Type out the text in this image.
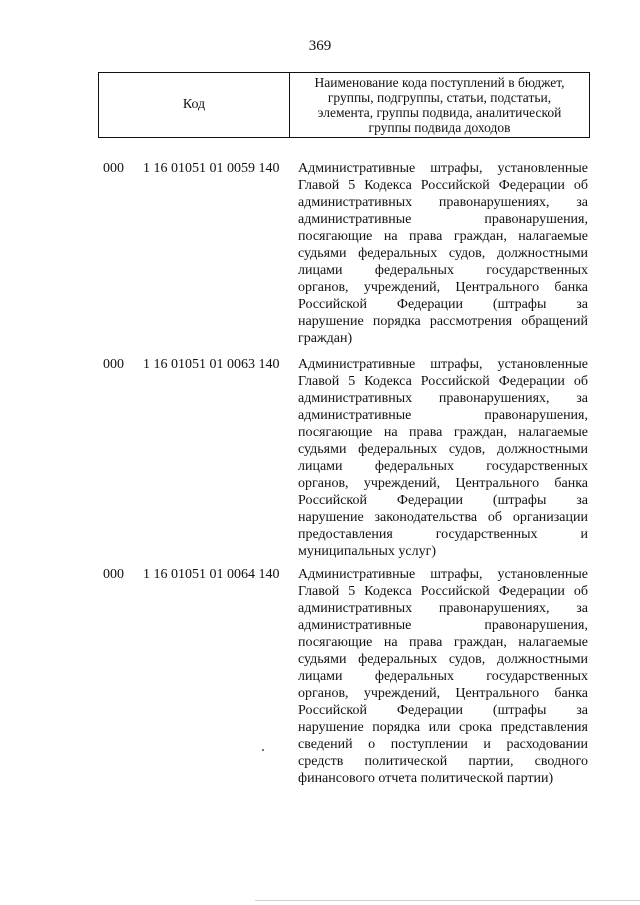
369
Код
Наименование кода поступлений в бюджет,
группы, подгруппы, статьи, подстатьи,
элемента, группы подвида, аналитической
группы подвида доходов
000 1 16 01051 01 0059 140 Административные штрафы, установленные
Главой 5 Кодекса Российской Федерации об
административных правонарушениях, за
административные правонарушения,
посягающие на права граждан, налагаемые
судьями федеральных судов, должностными
лицами федеральных государственных
органов, учреждений, Центрального банка
Российской Федерации (штрафы за
нарушение порядка рассмотрения обращений
граждан)
000 1 16 01051 01 0063 140 Административные штрафы, установленные
Главой 5 Кодекса Российской Федерации об
административных правонарушениях, за
административные правонарушения,
посягающие на права граждан, налагаемые
судьями федеральных судов, должностными
лицами федеральных государственных
органов, учреждений, Центрального банка
Российской Федерации (штрафы за
нарушение законодательства об организации
предоставления государственных и
муниципальных услуг)
000 1 16 01051 01 0064 140 Административные штрафы, установленные
Главой 5 Кодекса Российской Федерации об
административных правонарушениях, за
административные правонарушения,
посягающие на права граждан, налагаемые
судьями федеральных судов, должностными
лицами федеральных государственных
органов, учреждений, Центрального банка
Российской Федерации (штрафы за
нарушение порядка или срока представления
сведений о поступлении и расходовании
средств политической партии, сводного
финансового отчета политической партии)
